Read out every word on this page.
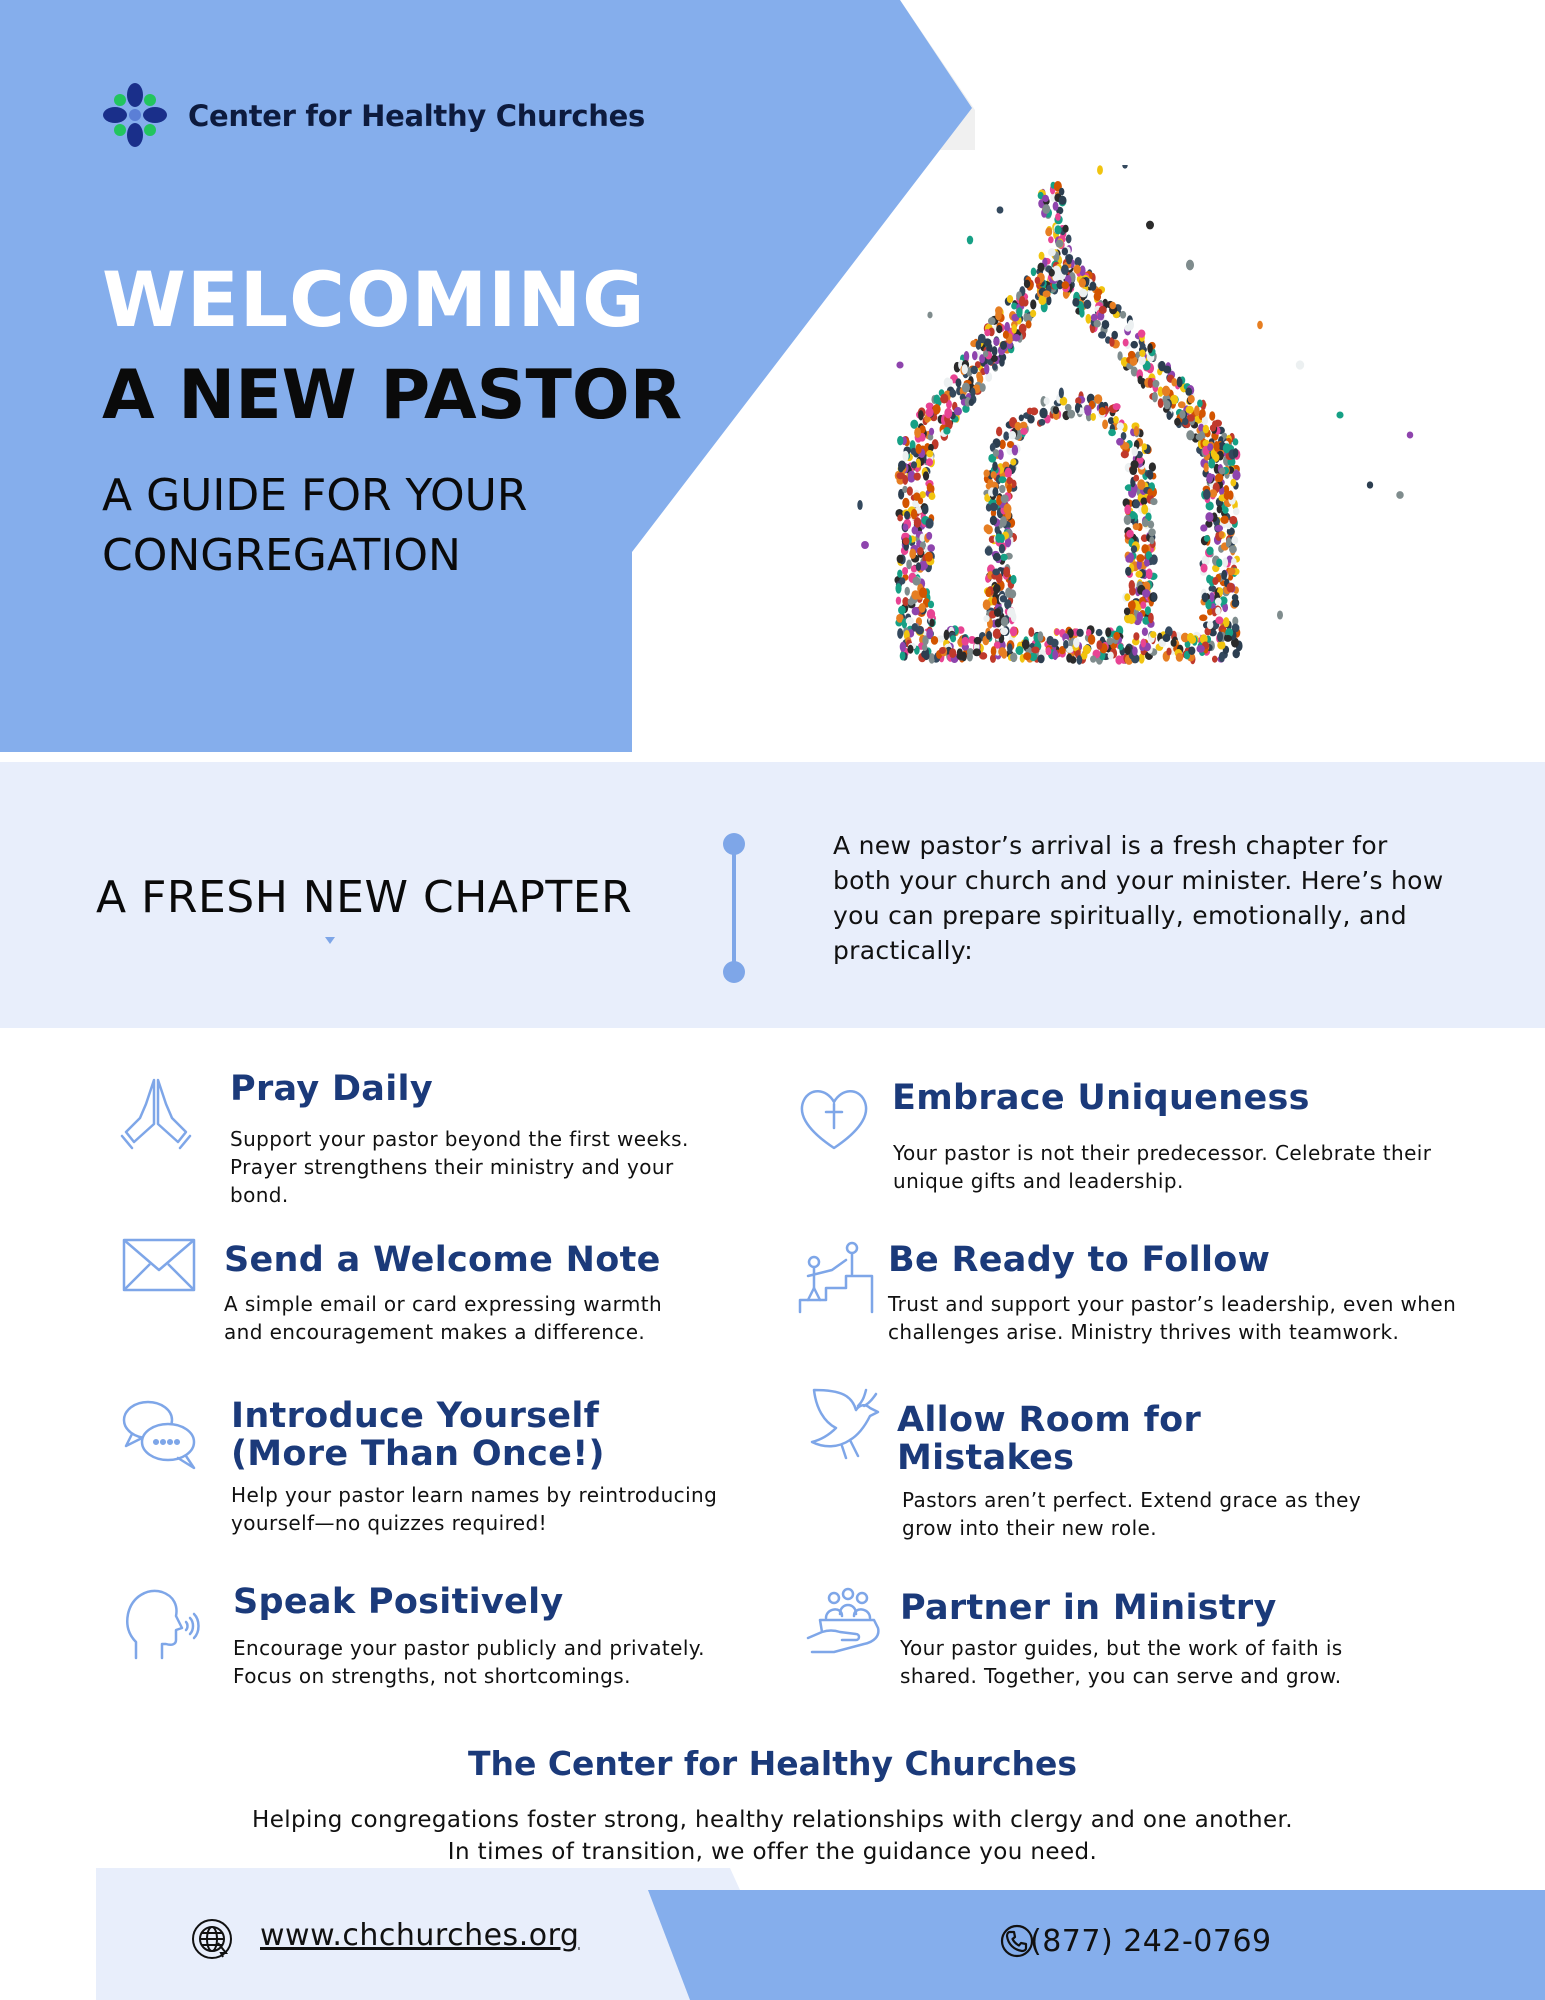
Center for Healthy Churches
WELCOMING
A NEW PASTOR
A GUIDE FOR YOUR CONGREGATION
A FRESH NEW CHAPTER
A new pastor’s arrival is a fresh chapter for both your church and your minister. Here’s how you can prepare spiritually, emotionally, and practically:
Pray Daily
Support your pastor beyond the first weeks. Prayer strengthens their ministry and your bond.
Embrace Uniqueness
Your pastor is not their predecessor. Celebrate their unique gifts and leadership.
Send a Welcome Note
A simple email or card expressing warmth and encouragement makes a difference.
Be Ready to Follow
Trust and support your pastor’s leadership, even when challenges arise. Ministry thrives with teamwork.
Introduce Yourself (More Than Once!)
Help your pastor learn names by reintroducing yourself—no quizzes required!
Allow Room for Mistakes
Pastors aren’t perfect. Extend grace as they grow into their new role.
Speak Positively
Encourage your pastor publicly and privately. Focus on strengths, not shortcomings.
Partner in Ministry
Your pastor guides, but the work of faith is shared. Together, you can serve and grow.
The Center for Healthy Churches
Helping congregations foster strong, healthy relationships with clergy and one another.
In times of transition, we offer the guidance you need.
www.chchurches.org	(877) 242-0769
